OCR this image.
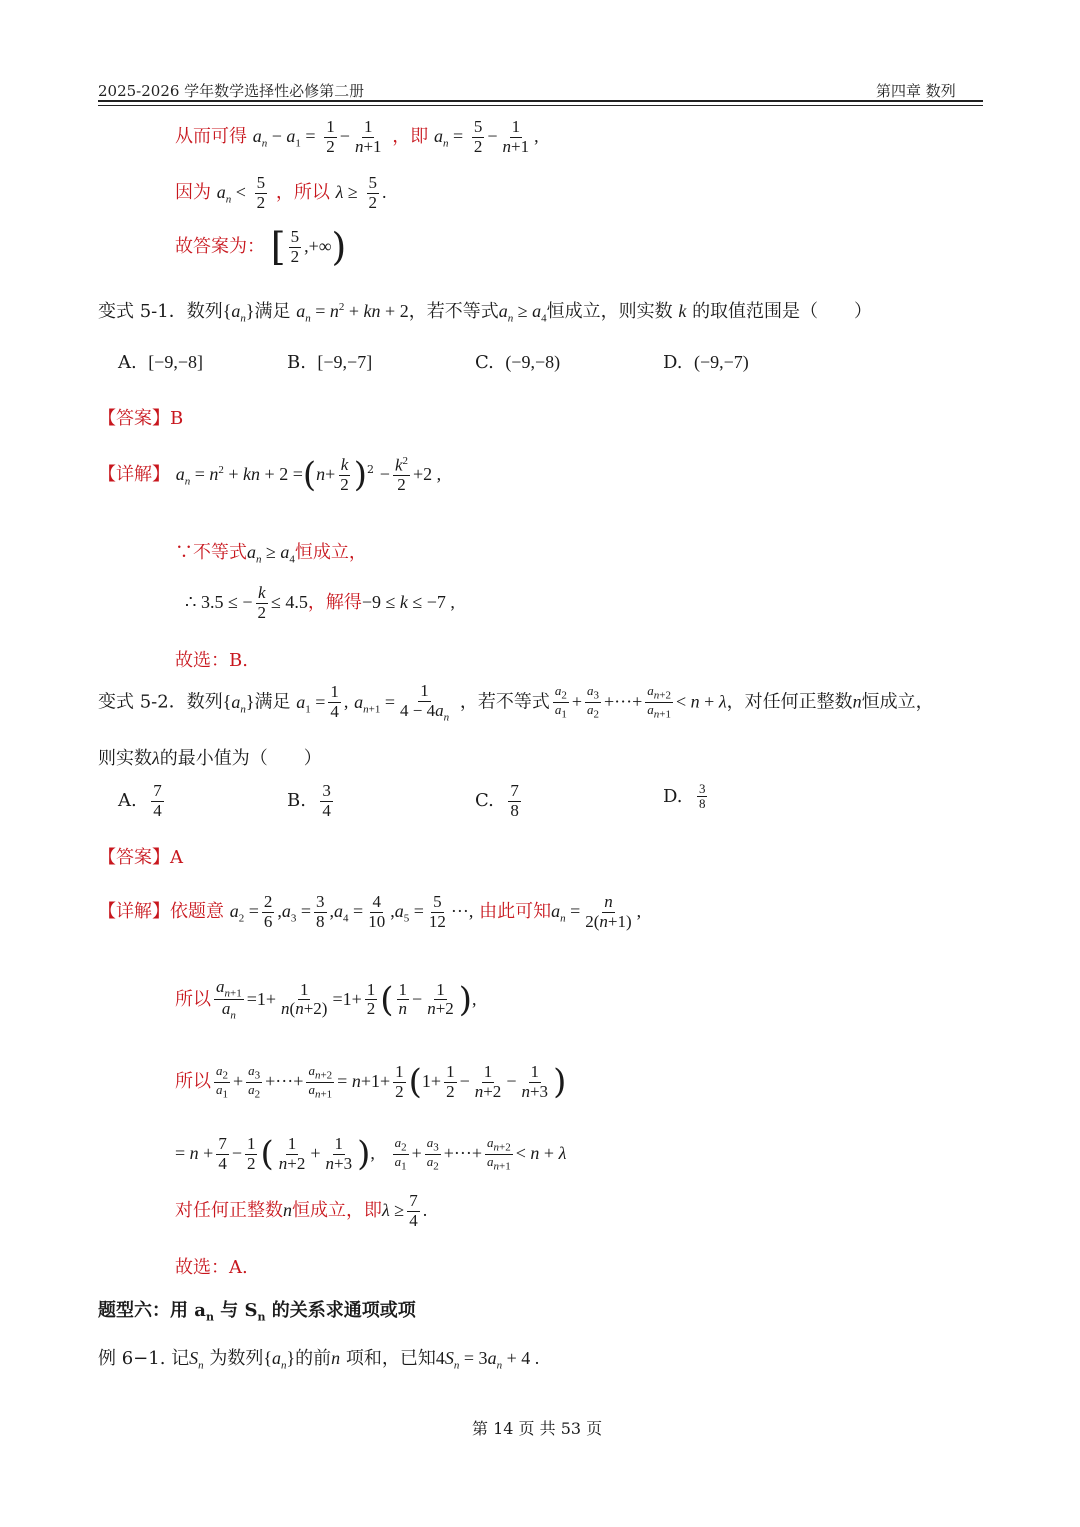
2025-2026 学年数学选择性必修第二册	第四章 数列
从而可得 $a_n - a_1 = \frac{1}{2} - \frac{1}{n+1}$ ，即 $a_n = \frac{5}{2} - \frac{1}{n+1}$ ,
因为 $a_n < \frac{5}{2}$ ，所以 $\lambda \ge \frac{5}{2}$ .
故答案为： [ $\frac{5}{2}$ ,+∞)
变式 5-1．数列$\{a_n\}$满足 $a_n = n^2$ + kn + 2，若不等式$a_n \ge a_4$恒成立，则实数 k 的取值范围是（　　）
A. [−9,−8]	B. [−9,−7]	C. (−9,−8)	D. (−9,−7)
【答案】B
【详解】 $a_n = n^2$ + kn + $2 =(n+ \frac{k}{2} )^2 - \frac{k^2}{2} +2$ ,
∵不等式$a_n \ge a_4$恒成立，
∴ 3.5 ≤ − $\frac{k}{2} \le 4.5$，解得−9 ≤ k ≤ −7 ,
故选：B.
变式 5-2．数列$\{a_n\}$满足 $a_1 = \frac{1}{4}$ , $a_{n+1} = \frac{1}{4 - 4a_n}$ ，若不等式 $\frac{a_2}{a_1} + \frac{a_3}{a_2}$ +···+ $\frac{a_{n+2}}{a_{n+1}} < n + \lambda$，对任何正整数n恒成立，
则实数λ的最小值为（　　）
A. $\frac{7}{4}$	B. $\frac{3}{4}$	C. $\frac{7}{8}$	D. $\frac{3}{8}$
【答案】A
【详解】依题意 $a_2 = \frac{2}{6} ,a_3 = \frac{3}{8} ,a_4 = \frac{4}{10} ,a_5 = \frac{5}{12}$ ···, 由此可知$a_n = \frac{n}{2(n+1)}$ ,
所以 $\frac{a_{n+1}}{a_n} =1+ \frac{1}{n(n+2)} =1+ \frac{1}{2}$ ( $\frac{1}{n} - \frac{1}{n+2}$ ),
所以 $\frac{a_2}{a_1} + \frac{a_3}{a_2}$ +···+ $\frac{a_{n+2}}{a_{n+1}} = n+1+ \frac{1}{2} (1+ \frac{1}{2} - \frac{1}{n+2} - \frac{1}{n+3}$ )
= $n + \frac{7}{4} - \frac{1}{2}$ ( $\frac{1}{n+2} + \frac{1}{n+3}$ ), $\frac{a_2}{a_1} + \frac{a_3}{a_2}$ +···+ $\frac{a_{n+2}}{a_{n+1}} < n + \lambda$
对任何正整数n恒成立，即$\lambda \ge \frac{7}{4}$ .
故选：A.
题型六：用 $a_n$ 与 $S_n$ 的关系求通项或项
例 6−1. 记$S_n$ 为数列$\{a_n\}$的前n 项和，已知$4S_n = 3a_n + 4$ .
第 14 页 共 53 页
